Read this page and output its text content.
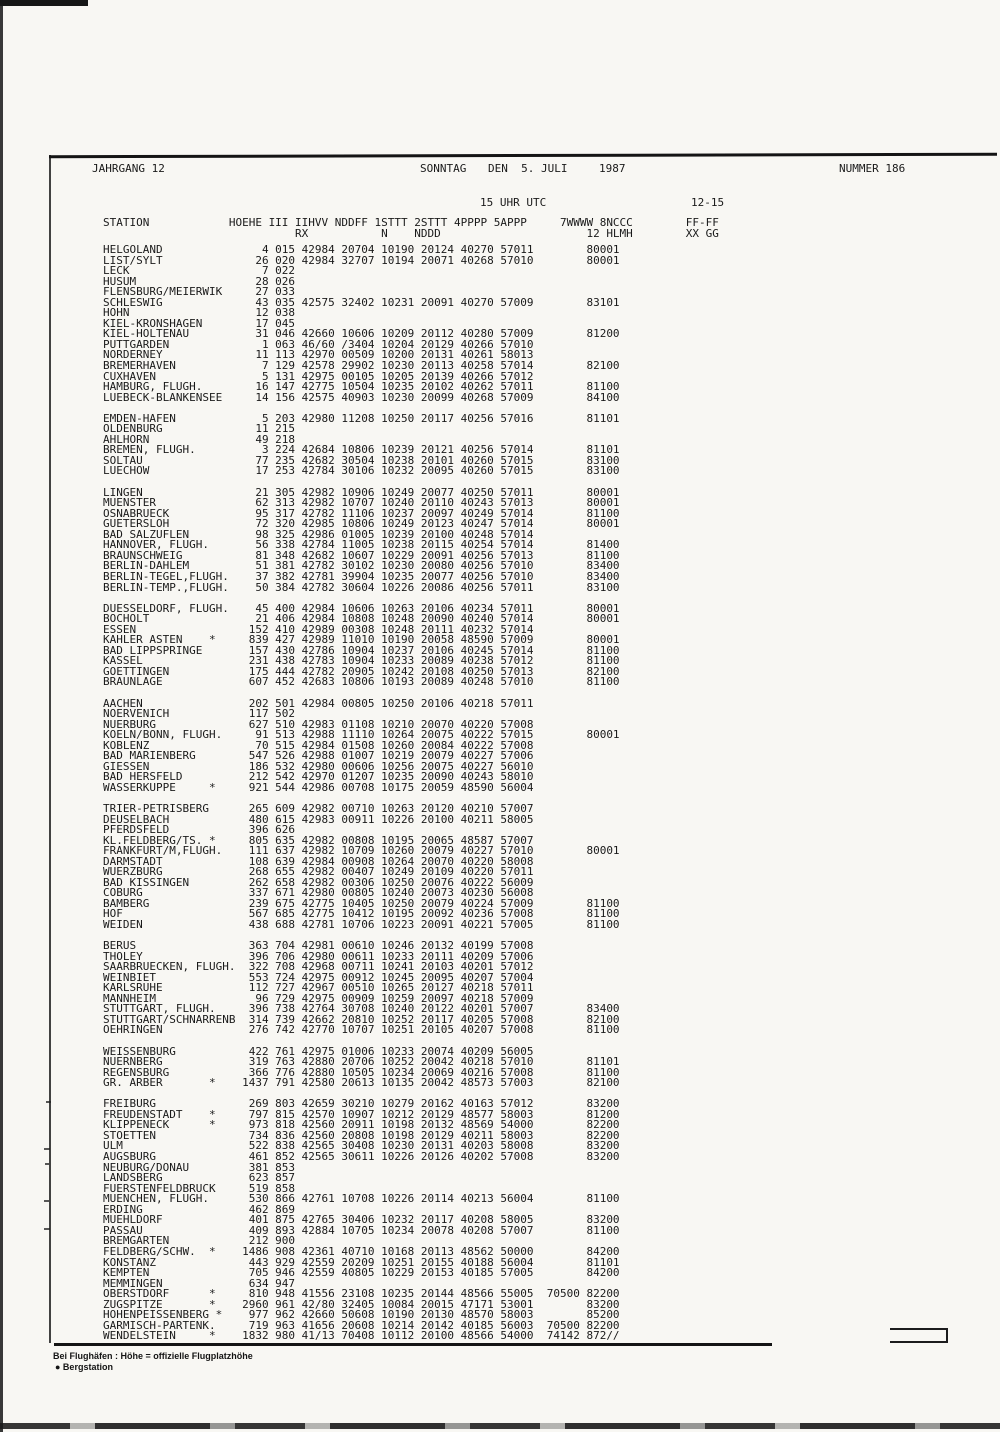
JAHRGANG 12	SONNTAG DEN  5. JULI	1987	NUMMER 186
15 UHR UTC	12-15
STATION            HOEHE III IIHVV NDDFF 1STTT 2STTT 4PPPP 5APPP     7WWWW 8NCCC        FF-FF
RX           N    NDDD                      12 HLMH        XX GG
HELGOLAND               4 015 42984 20704 10190 20124 40270 57011        80001
LIST/SYLT              26 020 42984 32707 10194 20071 40268 57010        80001
LECK                    7 022
HUSUM                  28 026
FLENSBURG/MEIERWIK     27 033
SCHLESWIG              43 035 42575 32402 10231 20091 40270 57009        83101
HOHN                   12 038
KIEL-KRONSHAGEN        17 045
KIEL-HOLTENAU          31 046 42660 10606 10209 20112 40280 57009        81200
PUTTGARDEN              1 063 46/60 /3404 10204 20129 40266 57010
NORDERNEY              11 113 42970 00509 10200 20131 40261 58013
BREMERHAVEN             7 129 42578 29902 10230 20113 40258 57014        82100
CUXHAVEN                5 131 42975 00105 10205 20139 40266 57012
HAMBURG, FLUGH.        16 147 42775 10504 10235 20102 40262 57011        81100
LUEBECK-BLANKENSEE     14 156 42575 40903 10230 20099 40268 57009        84100

EMDEN-HAFEN             5 203 42980 11208 10250 20117 40256 57016        81101
OLDENBURG              11 215
AHLHORN                49 218
BREMEN, FLUGH.          3 224 42684 10806 10239 20121 40256 57014        81101
SOLTAU                 77 235 42682 30504 10238 20101 40260 57015        83100
LUECHOW                17 253 42784 30106 10232 20095 40260 57015        83100

LINGEN                 21 305 42982 10906 10249 20077 40250 57011        80001
MUENSTER               62 313 42982 10707 10240 20110 40243 57013        80001
OSNABRUECK             95 317 42782 11106 10237 20097 40249 57014        81100
GUETERSLOH             72 320 42985 10806 10249 20123 40247 57014        80001
BAD SALZUFLEN          98 325 42986 01005 10239 20100 40248 57014
HANNOVER, FLUGH.       56 338 42784 11005 10238 20115 40254 57014        81400
BRAUNSCHWEIG           81 348 42682 10607 10229 20091 40256 57013        81100
BERLIN-DAHLEM          51 381 42782 30102 10230 20080 40256 57010        83400
BERLIN-TEGEL,FLUGH.    37 382 42781 39904 10235 20077 40256 57010        83400
BERLIN-TEMP.,FLUGH.    50 384 42782 30604 10226 20086 40256 57011        83100

DUESSELDORF, FLUGH.    45 400 42984 10606 10263 20106 40234 57011        80001
BOCHOLT                21 406 42984 10808 10248 20090 40240 57014        80001
ESSEN                 152 410 42989 00308 10248 20111 40232 57014
KAHLER ASTEN    *     839 427 42989 11010 10190 20058 48590 57009        80001
BAD LIPPSPRINGE       157 430 42786 10904 10237 20106 40245 57014        81100
KASSEL                231 438 42783 10904 10233 20089 40238 57012        81100
GOETTINGEN            175 444 42782 20905 10242 20108 40250 57013        82100
BRAUNLAGE             607 452 42683 10806 10193 20089 40248 57010        81100

AACHEN                202 501 42984 00805 10250 20106 40218 57011
NOERVENICH            117 502
NUERBURG              627 510 42983 01108 10210 20070 40220 57008
KOELN/BONN, FLUGH.     91 513 42988 11110 10264 20075 40222 57015        80001
KOBLENZ                70 515 42984 01508 10260 20084 40222 57008
BAD MARIENBERG        547 526 42988 01007 10219 20079 40227 57006
GIESSEN               186 532 42980 00606 10256 20075 40227 56010
BAD HERSFELD          212 542 42970 01207 10235 20090 40243 58010
WASSERKUPPE     *     921 544 42986 00708 10175 20059 48590 56004

TRIER-PETRISBERG      265 609 42982 00710 10263 20120 40210 57007
DEUSELBACH            480 615 42983 00911 10226 20100 40211 58005
PFERDSFELD            396 626
KL.FELDBERG/TS. *     805 635 42982 00808 10195 20065 48587 57007
FRANKFURT/M,FLUGH.    111 637 42982 10709 10260 20079 40227 57010        80001
DARMSTADT             108 639 42984 00908 10264 20070 40220 58008
WUERZBURG             268 655 42982 00407 10249 20109 40220 57011
BAD KISSINGEN         262 658 42982 00306 10250 20076 40222 56009
COBURG                337 671 42980 00805 10240 20073 40230 56008
BAMBERG               239 675 42775 10405 10250 20079 40224 57009        81100
HOF                   567 685 42775 10412 10195 20092 40236 57008        81100
WEIDEN                438 688 42781 10706 10223 20091 40221 57005        81100

BERUS                 363 704 42981 00610 10246 20132 40199 57008
THOLEY                396 706 42980 00611 10233 20111 40209 57006
SAARBRUECKEN, FLUGH.  322 708 42968 00711 10241 20103 40201 57012
WEINBIET              553 724 42975 00912 10245 20095 40207 57004
KARLSRUHE             112 727 42967 00510 10265 20127 40218 57011
MANNHEIM               96 729 42975 00909 10259 20097 40218 57009
STUTTGART, FLUGH.     396 738 42764 30708 10240 20122 40201 57007        83400
STUTTGART/SCHNARRENB  314 739 42662 20810 10252 20117 40205 57008        82100
OEHRINGEN             276 742 42770 10707 10251 20105 40207 57008        81100

WEISSENBURG           422 761 42975 01006 10233 20074 40209 56005
NUERNBERG             319 763 42880 20706 10252 20042 40218 57010        81101
REGENSBURG            366 776 42880 10505 10234 20069 40216 57008        81100
GR. ARBER       *    1437 791 42580 20613 10135 20042 48573 57003        82100

FREIBURG              269 803 42659 30210 10279 20162 40163 57012        83200
FREUDENSTADT    *     797 815 42570 10907 10212 20129 48577 58003        81200
KLIPPENECK      *     973 818 42560 20911 10198 20132 48569 54000        82200
STOETTEN              734 836 42560 20808 10198 20129 40211 58003        82200
ULM                   522 838 42565 30408 10230 20131 40203 58008        83200
AUGSBURG              461 852 42565 30611 10226 20126 40202 57008        83200
NEUBURG/DONAU         381 853
LANDSBERG             623 857
FUERSTENFELDBRUCK     519 858
MUENCHEN, FLUGH.      530 866 42761 10708 10226 20114 40213 56004        81100
ERDING                462 869
MUEHLDORF             401 875 42765 30406 10232 20117 40208 58005        83200
PASSAU                409 893 42884 10705 10234 20078 40208 57007        81100
BREMGARTEN            212 900
FELDBERG/SCHW.  *    1486 908 42361 40710 10168 20113 48562 50000        84200
KONSTANZ              443 929 42559 20209 10251 20155 40188 56004        81101
KEMPTEN               705 946 42559 40805 10229 20153 40185 57005        84200
MEMMINGEN             634 947
OBERSTDORF      *     810 948 41556 23108 10235 20144 48566 55005  70500 82200
ZUGSPITZE       *    2960 961 42/80 32405 10084 20015 47171 53001        83200
HOHENPEISSENBERG *    977 962 42660 50608 10190 20130 48570 58003        85200
GARMISCH-PARTENK.     719 963 41656 20608 10214 20142 40185 56003  70500 82200
WENDELSTEIN     *    1832 980 41/13 70408 10112 20100 48566 54000  74142 872//
Bei Flughäfen : Höhe = offizielle Flugplatzhöhe
● Bergstation
